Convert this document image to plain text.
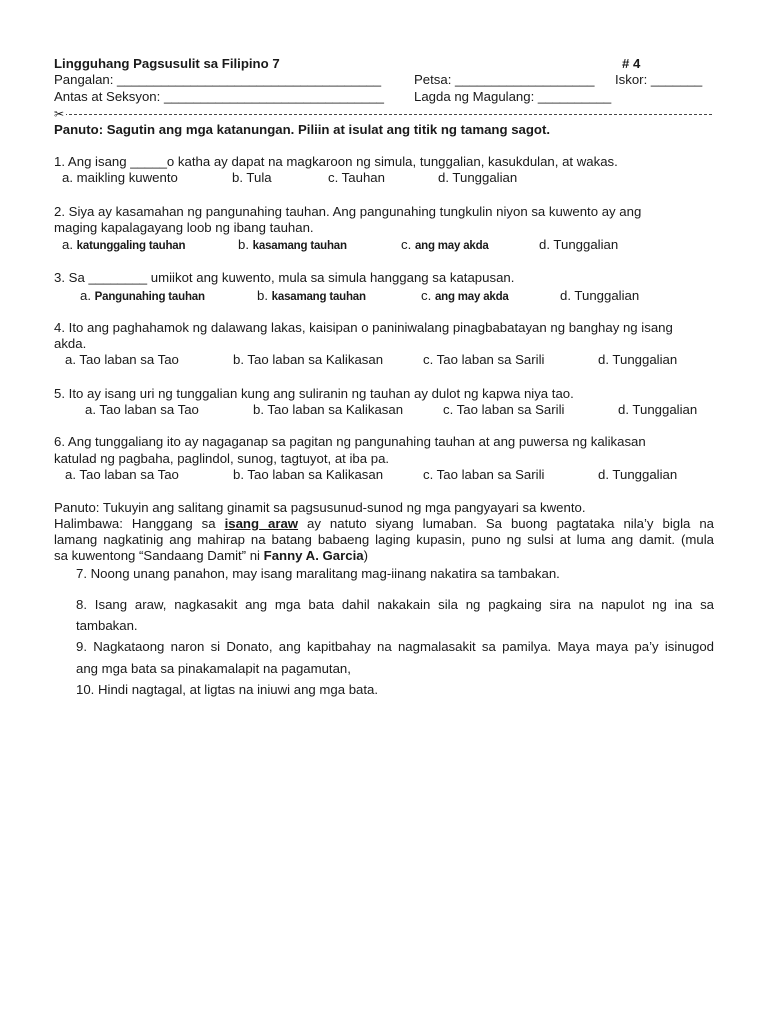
Lingguhang Pagsusulit sa Filipino 7	# 4
Pangalan: ____________________________________ Petsa: ___________________ Iskor: _______
Antas at Seksyon: ______________________________ Lagda ng Magulang: __________
✂
Panuto: Sagutin ang mga katanungan. Piliin at isulat ang titik ng tamang sagot.
1. Ang isang _____o katha ay dapat na magkaroon ng simula, tunggalian, kasukdulan, at wakas.
a. maikling kuwento	b. Tula	c. Tauhan	d. Tunggalian
2. Siya ay kasamahan ng pangunahing tauhan. Ang pangunahing tungkulin niyon sa kuwento ay ang
maging kapalagayang loob ng ibang tauhan.
a. katunggaling tauhan	b. kasamang tauhan	c. ang may akda	d. Tunggalian
3. Sa ________ umiikot ang kuwento, mula sa simula hanggang sa katapusan.
a. Pangunahing tauhan	b. kasamang tauhan	c. ang may akda	d. Tunggalian
4. Ito ang paghahamok ng dalawang lakas, kaisipan o paniniwalang pinagbabatayan ng banghay ng isang
akda.
a. Tao laban sa Tao	b. Tao laban sa Kalikasan	c. Tao laban sa Sarili	d. Tunggalian
5. Ito ay isang uri ng tunggalian kung ang suliranin ng tauhan ay dulot ng kapwa niya tao.
a. Tao laban sa Tao	b. Tao laban sa Kalikasan	c. Tao laban sa Sarili	d. Tunggalian
6. Ang tunggaliang ito ay nagaganap sa pagitan ng pangunahing tauhan at ang puwersa ng kalikasan
katulad ng pagbaha, paglindol, sunog, tagtuyot, at iba pa.
a. Tao laban sa Tao	b. Tao laban sa Kalikasan	c. Tao laban sa Sarili	d. Tunggalian
Panuto: Tukuyin ang salitang ginamit sa pagsusunud-sunod ng mga pangyayari sa kwento.
Halimbawa: Hanggang sa isang araw ay natuto siyang lumaban. Sa buong pagtataka nila’y bigla na
lamang nagkatinig ang mahirap na batang babaeng laging kupasin, puno ng sulsi at luma ang damit. (mula
sa kuwentong “Sandaang Damit” ni Fanny A. Garcia)
7. Noong unang panahon, may isang maralitang mag-iinang nakatira sa tambakan.
8. Isang araw, nagkasakit ang mga bata dahil nakakain sila ng pagkaing sira na napulot ng ina sa
tambakan.
9. Nagkataong naron si Donato, ang kapitbahay na nagmalasakit sa pamilya. Maya maya pa’y isinugod
ang mga bata sa pinakamalapit na pagamutan,
10. Hindi nagtagal, at ligtas na iniuwi ang mga bata.
